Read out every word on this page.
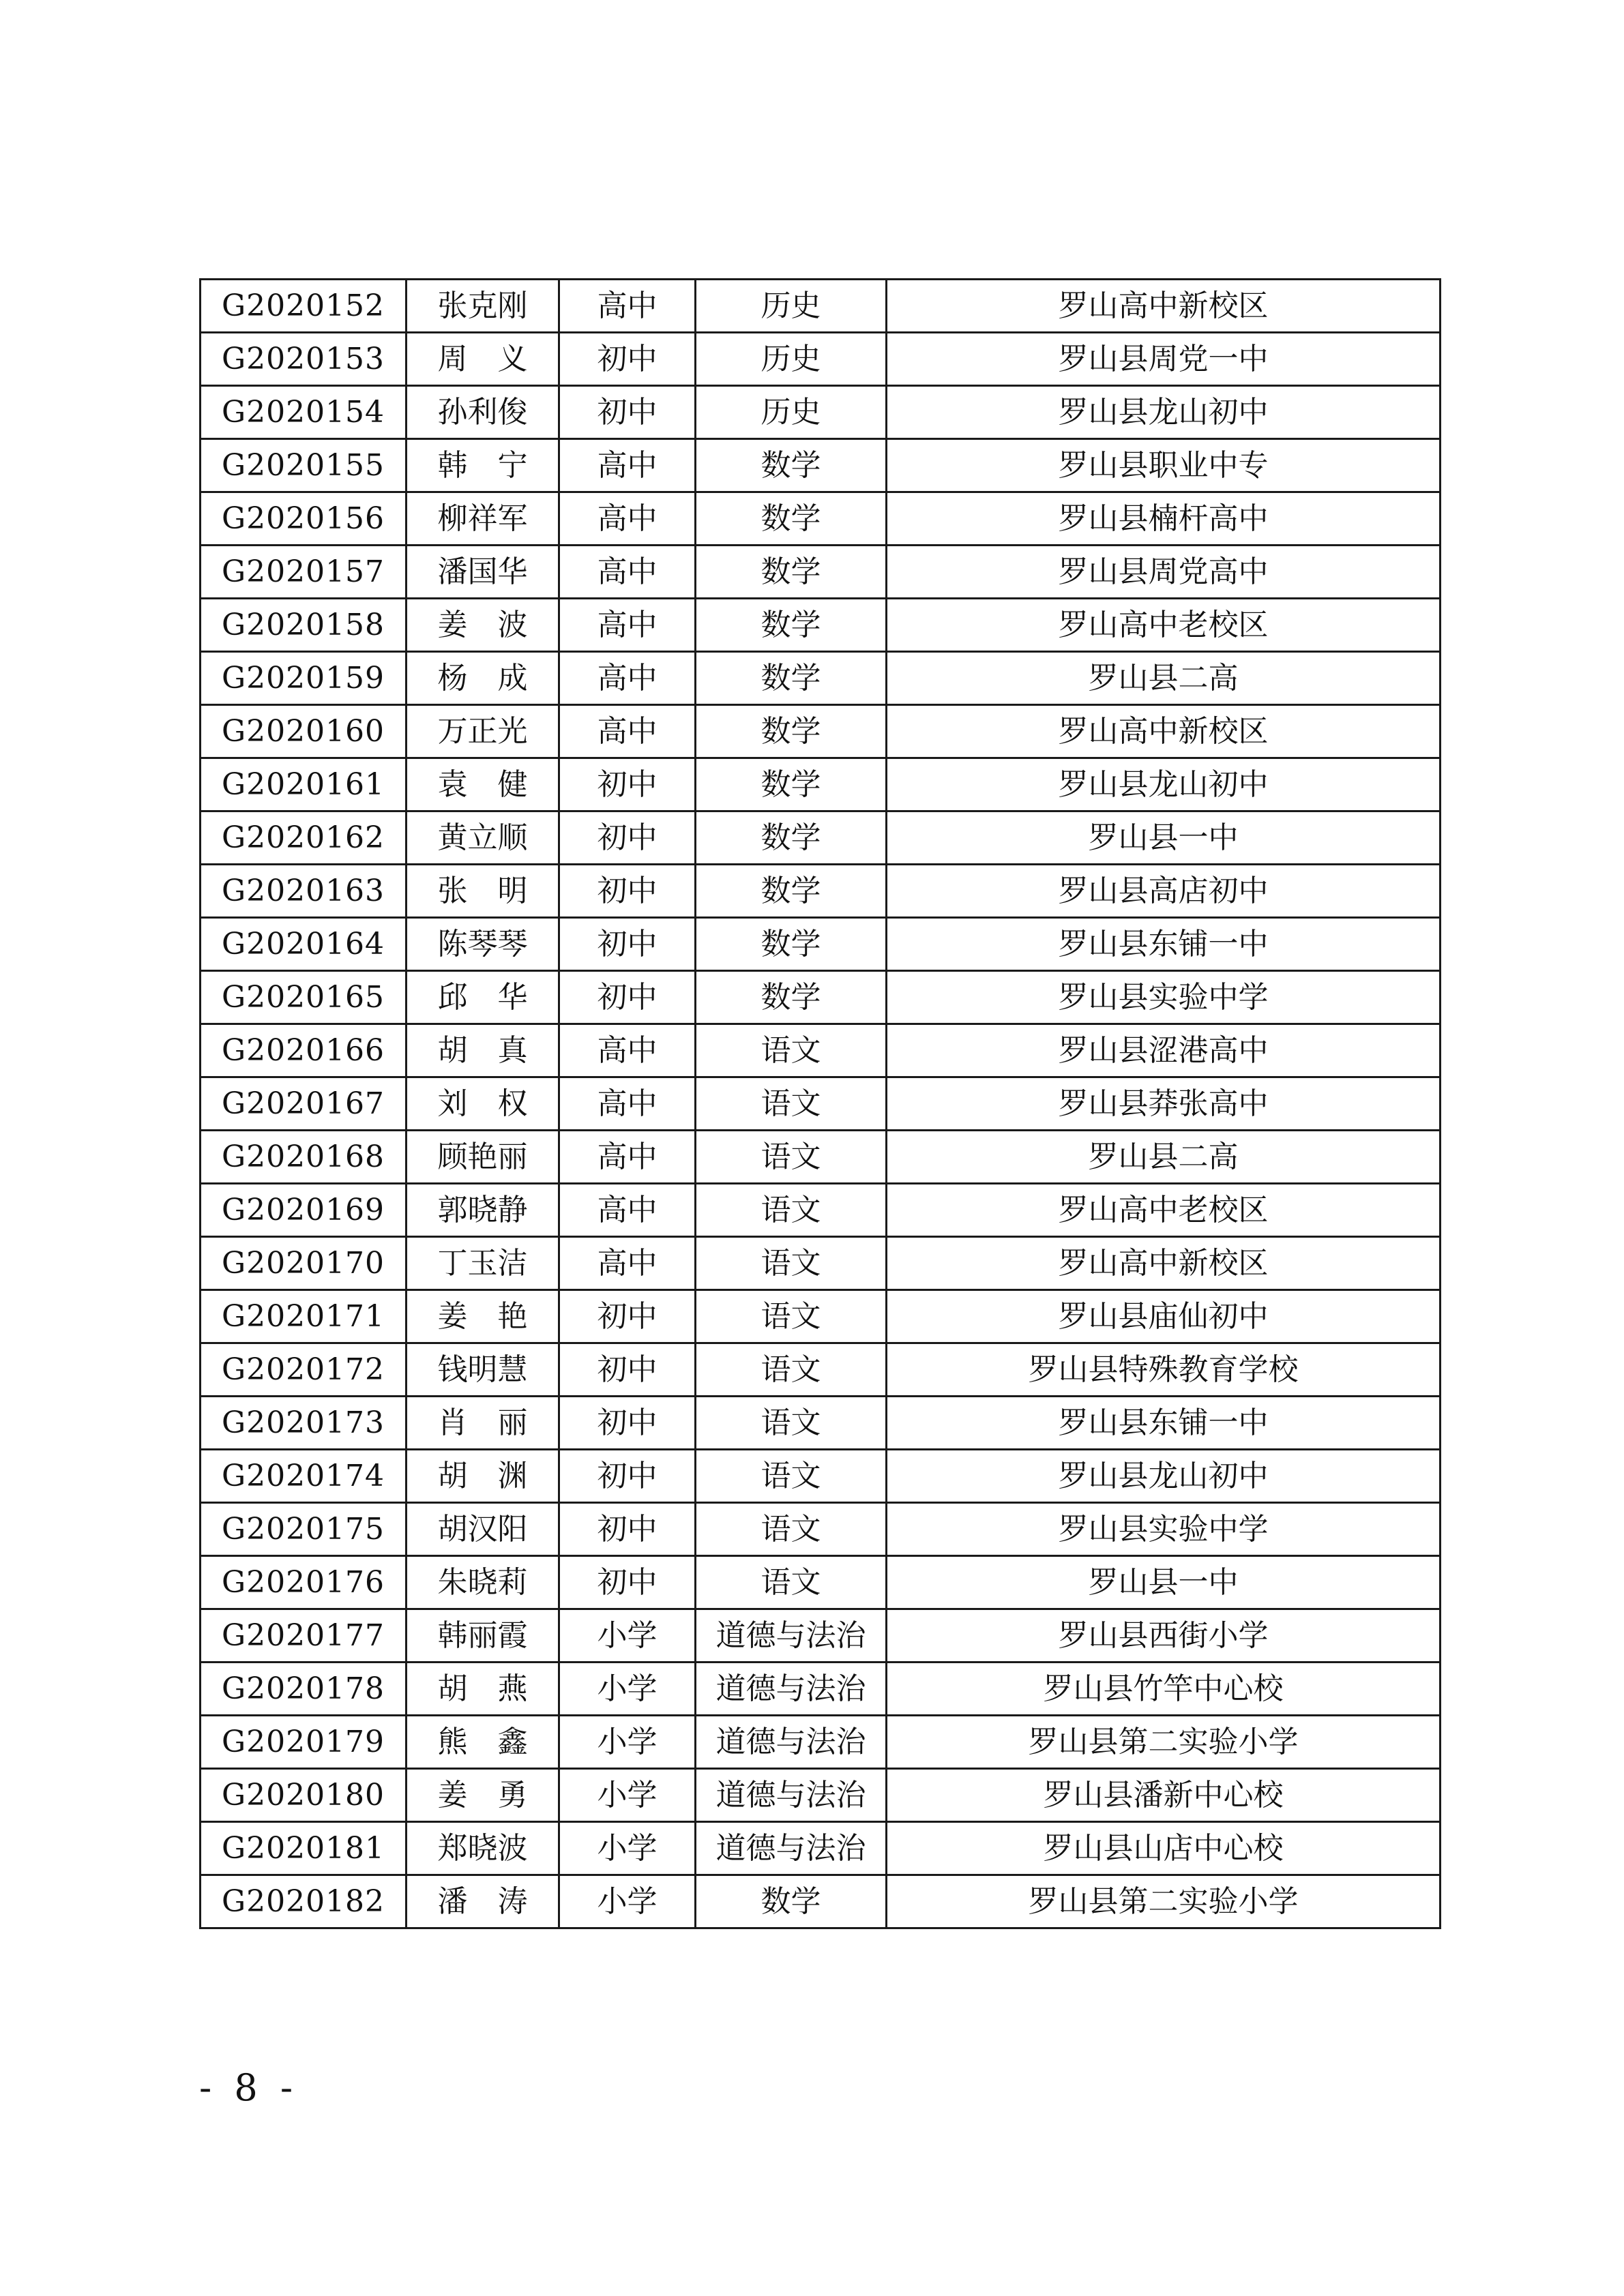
G2020152	张克刚	高中	历史	罗山高中新校区
G2020153	周　义	初中	历史	罗山县周党一中
G2020154	孙利俊	初中	历史	罗山县龙山初中
G2020155	韩　宁	高中	数学	罗山县职业中专
G2020156	柳祥军	高中	数学	罗山县楠杆高中
G2020157	潘国华	高中	数学	罗山县周党高中
G2020158	姜　波	高中	数学	罗山高中老校区
G2020159	杨　成	高中	数学	罗山县二高
G2020160	万正光	高中	数学	罗山高中新校区
G2020161	袁　健	初中	数学	罗山县龙山初中
G2020162	黄立顺	初中	数学	罗山县一中
G2020163	张　明	初中	数学	罗山县高店初中
G2020164	陈琴琴	初中	数学	罗山县东铺一中
G2020165	邱　华	初中	数学	罗山县实验中学
G2020166	胡　真	高中	语文	罗山县涩港高中
G2020167	刘　权	高中	语文	罗山县莽张高中
G2020168	顾艳丽	高中	语文	罗山县二高
G2020169	郭晓静	高中	语文	罗山高中老校区
G2020170	丁玉洁	高中	语文	罗山高中新校区
G2020171	姜　艳	初中	语文	罗山县庙仙初中
G2020172	钱明慧	初中	语文	罗山县特殊教育学校
G2020173	肖　丽	初中	语文	罗山县东铺一中
G2020174	胡　渊	初中	语文	罗山县龙山初中
G2020175	胡汉阳	初中	语文	罗山县实验中学
G2020176	朱晓莉	初中	语文	罗山县一中
G2020177	韩丽霞	小学	道德与法治	罗山县西街小学
G2020178	胡　燕	小学	道德与法治	罗山县竹竿中心校
G2020179	熊　鑫	小学	道德与法治	罗山县第二实验小学
G2020180	姜　勇	小学	道德与法治	罗山县潘新中心校
G2020181	郑晓波	小学	道德与法治	罗山县山店中心校
G2020182	潘　涛	小学	数学	罗山县第二实验小学
- 8 -
